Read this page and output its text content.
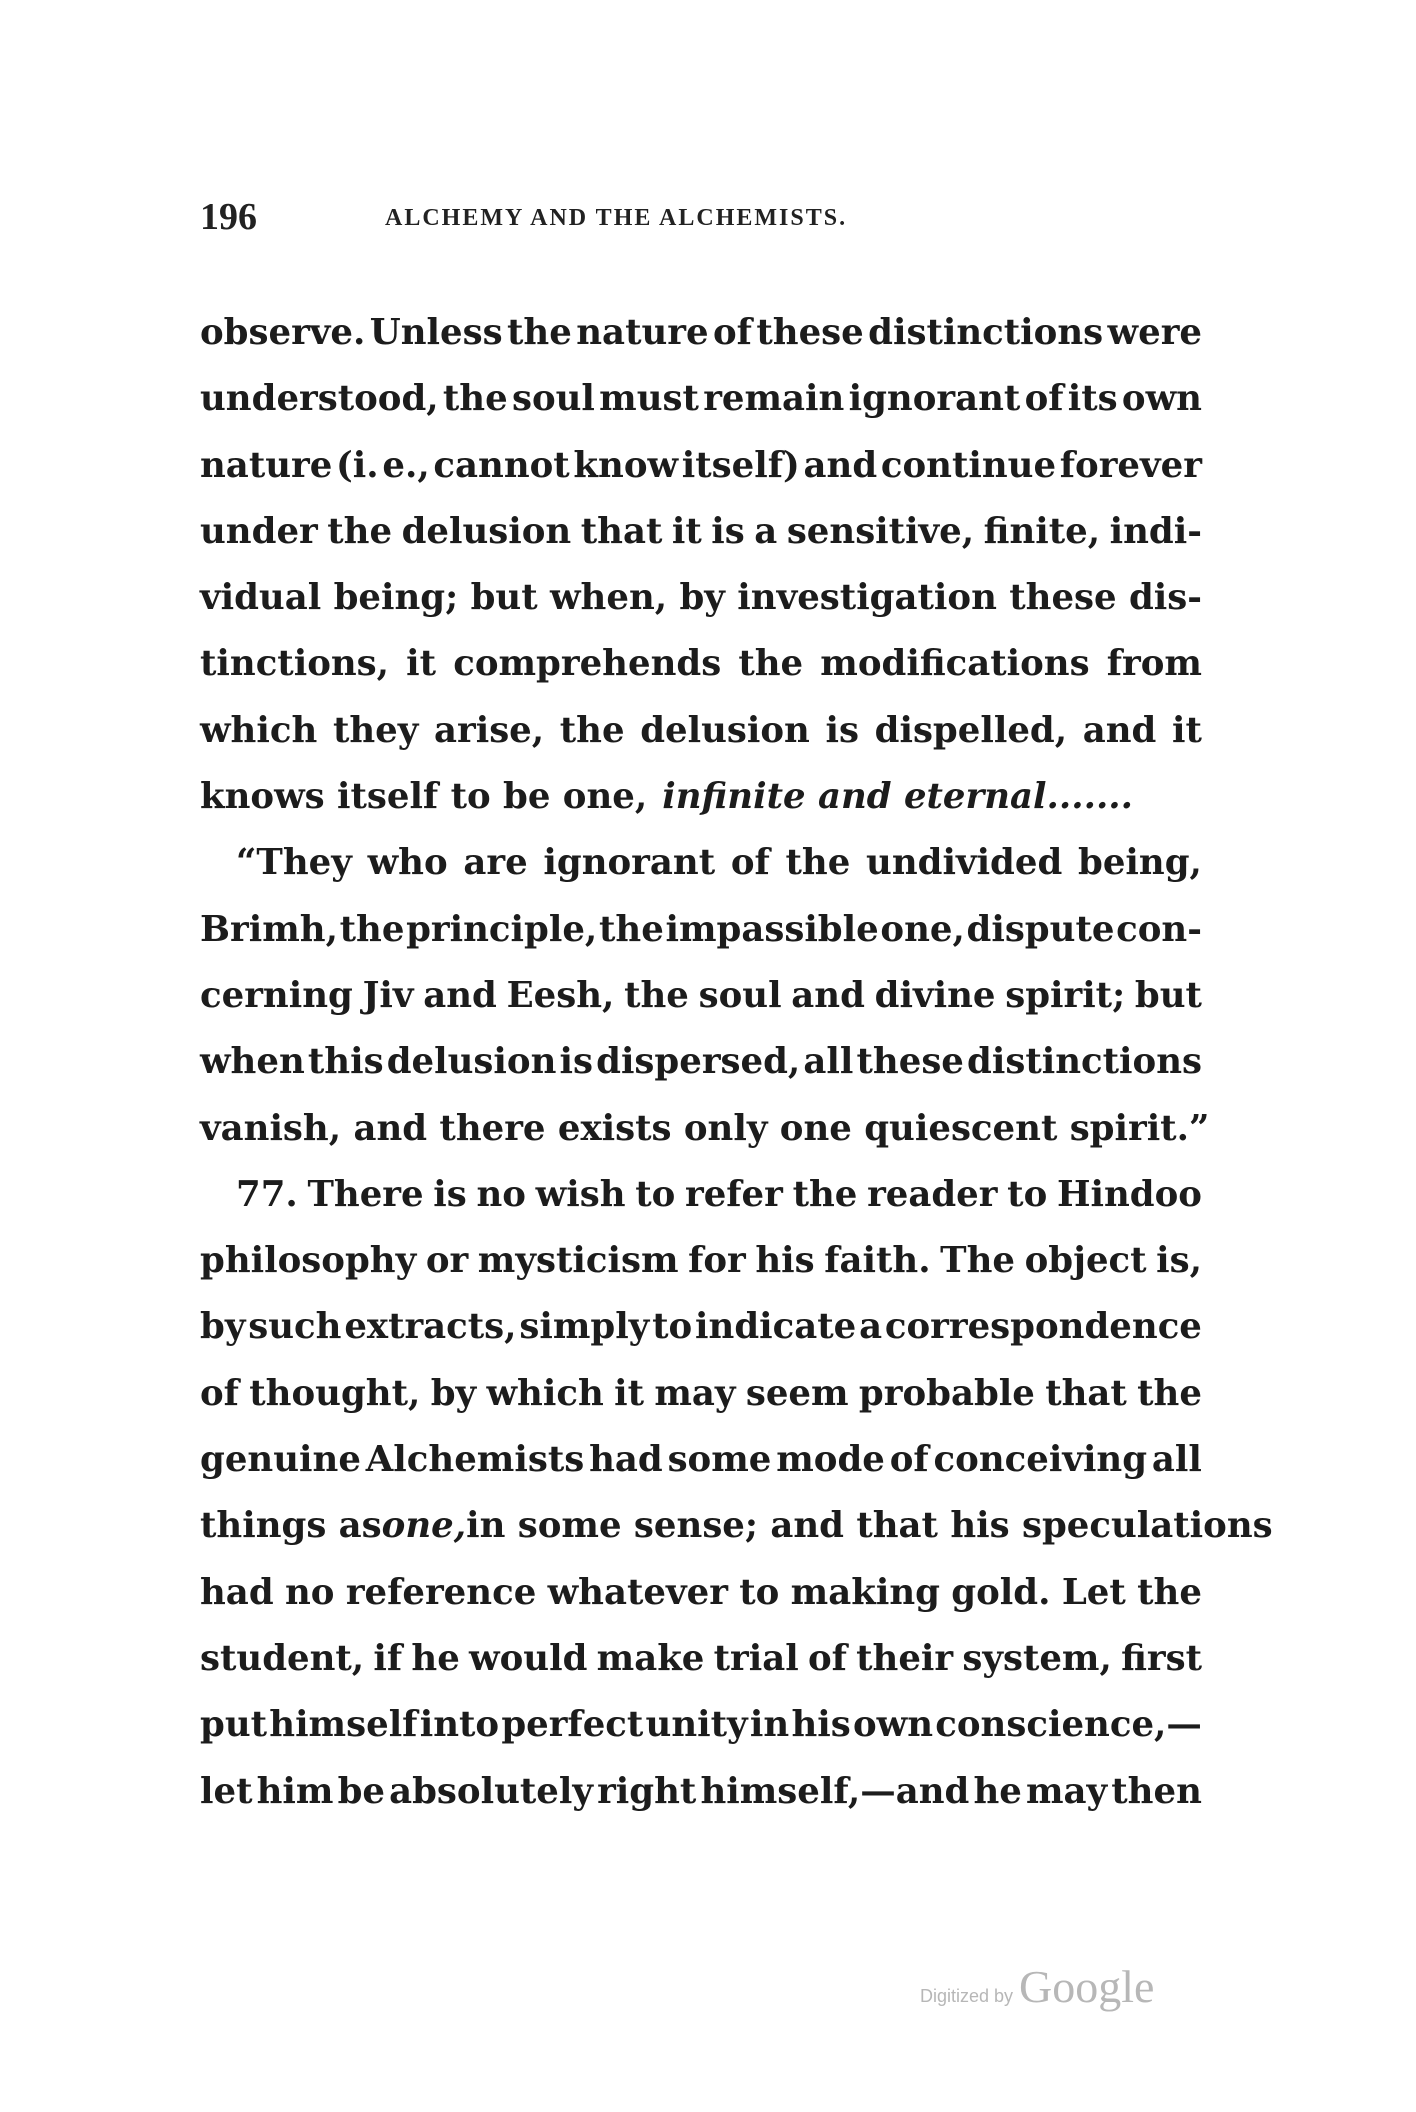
196	ALCHEMY AND THE ALCHEMISTS.
observe. Unless the nature of these distinctions were
understood, the soul must remain ignorant of its own
nature (i. e., cannot know itself) and continue forever
under the delusion that it is a sensitive, finite, indi-
vidual being; but when, by investigation these dis-
tinctions, it comprehends the modifications from
which they arise, the delusion is dispelled, and it
knows itself to be one, infinite and eternal.......
“They who are ignorant of the undivided being,
Brimh, the principle, the impassible one, dispute con-
cerning Jiv and Eesh, the soul and divine spirit; but
when this delusion is dispersed, all these distinctions
vanish, and there exists only one quiescent spirit.”
77. There is no wish to refer the reader to Hindoo
philosophy or mysticism for his faith. The object is,
by such extracts, simply to indicate a correspondence
of thought, by which it may seem probable that the
genuine Alchemists had some mode of conceiving all
things as one, in some sense; and that his speculations
had no reference whatever to making gold. Let the
student, if he would make trial of their system, first
put himself into perfect unity in his own conscience,—
let him be absolutely right himself,—and he may then
Digitized by Google
